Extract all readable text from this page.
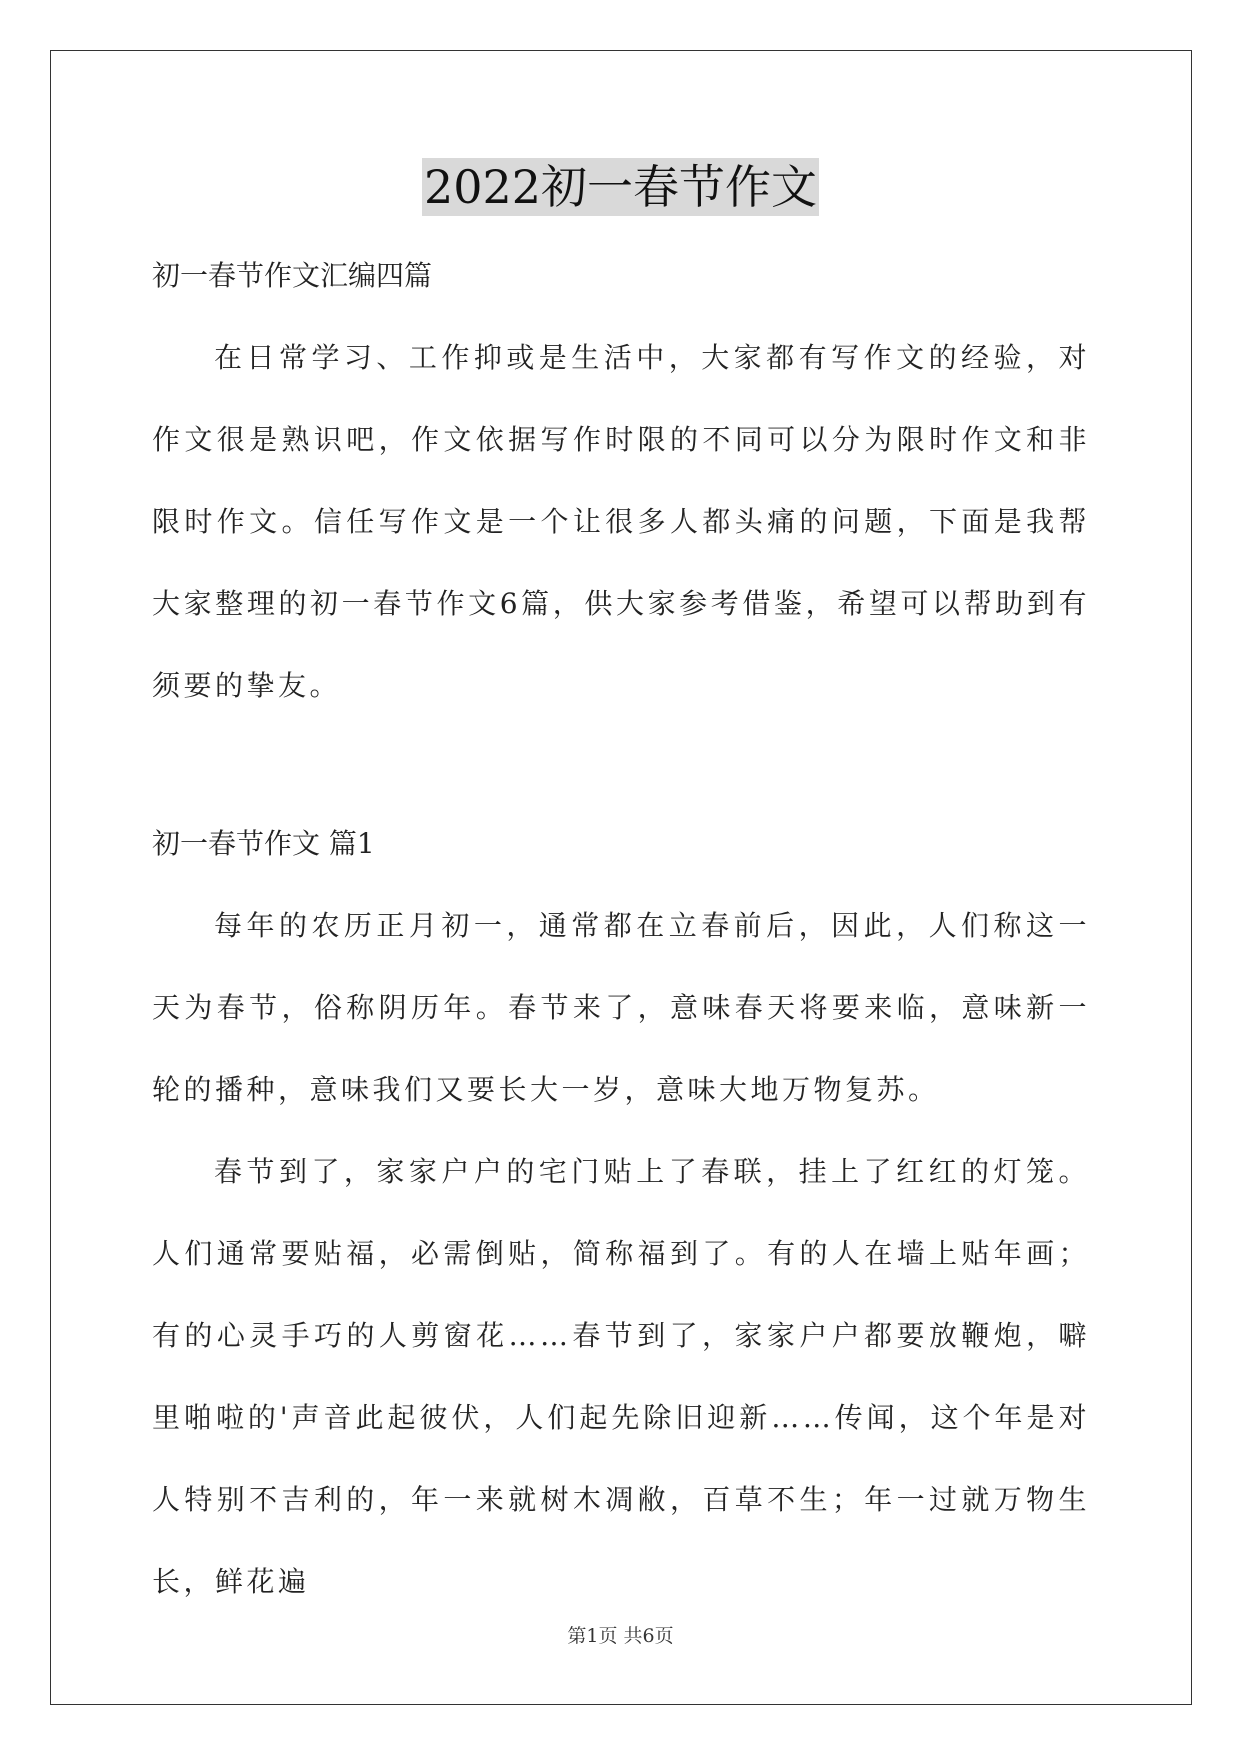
2022初一春节作文

初一春节作文汇编四篇

在日常学习、工作抑或是生活中，大家都有写作文的经验，对作文很是熟识吧，作文依据写作时限的不同可以分为限时作文和非限时作文。信任写作文是一个让很多人都头痛的问题，下面是我帮大家整理的初一春节作文6篇，供大家参考借鉴，希望可以帮助到有须要的挚友。

初一春节作文 篇1

每年的农历正月初一，通常都在立春前后，因此，人们称这一天为春节，俗称阴历年。春节来了，意味春天将要来临，意味新一轮的播种，意味我们又要长大一岁，意味大地万物复苏。

春节到了，家家户户的宅门贴上了春联，挂上了红红的灯笼。人们通常要贴福，必需倒贴，简称福到了。有的人在墙上贴年画；有的心灵手巧的人剪窗花……春节到了，家家户户都要放鞭炮，噼里啪啦的'声音此起彼伏，人们起先除旧迎新……传闻，这个年是对人特别不吉利的，年一来就树木凋敝，百草不生；年一过就万物生长，鲜花遍

第1页 共6页
